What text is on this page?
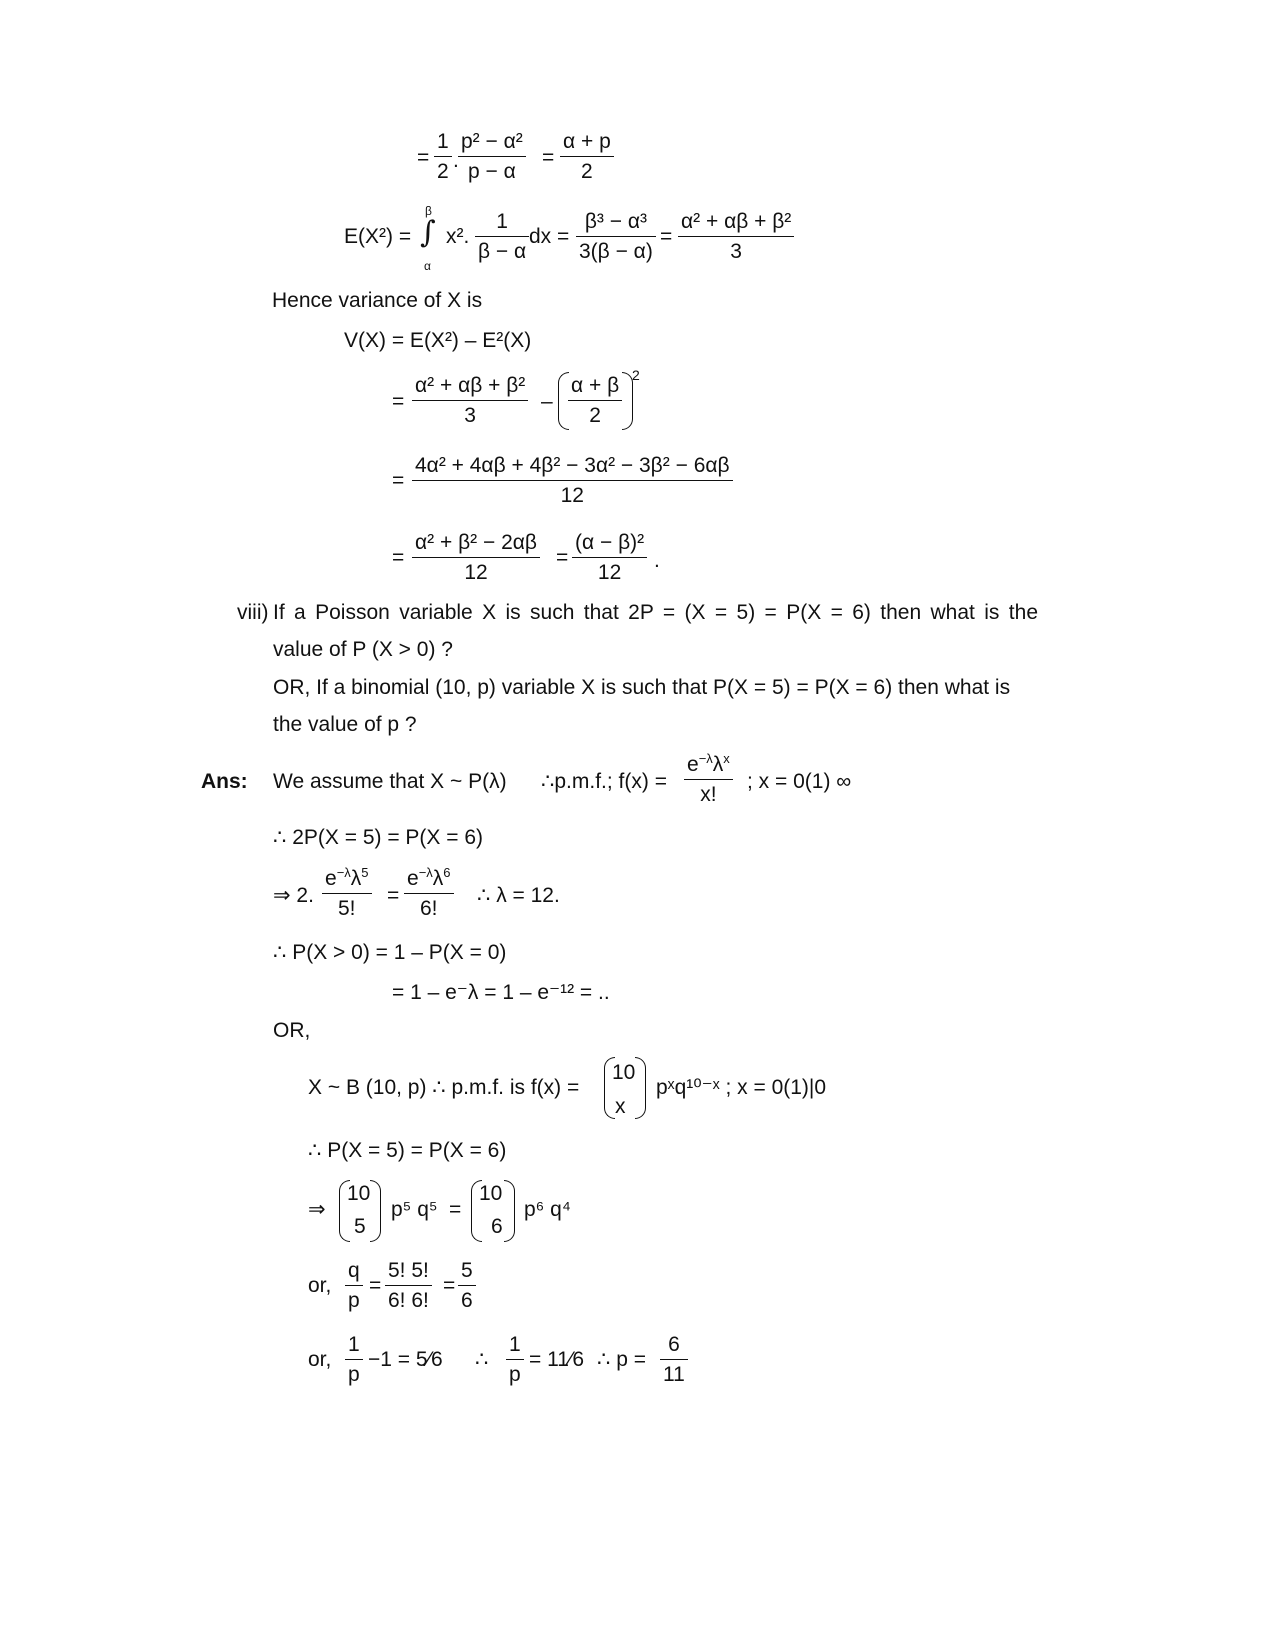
= $\frac{1}{2}$ . $\frac{\text{p² − α²}}{p - \alpha} = \frac{\alpha + p}{2}$
E(X²) =
β
∫
α
x². $\frac{1}{\beta - \alpha}$ dx = $\frac{\text{β³ − α³}}{3(\beta - \alpha)} = \frac{\text{α² + αβ + β²}}{3}$
Hence variance of X is
V(X) = E(X²) – E²(X)
= $\frac{\text{α² + αβ + β²}}{3} - \frac{\alpha + \beta}{2} 2$
= $\frac{\text{4α² + 4αβ + 4β² − 3α² − 3β² − 6αβ}}{12}$
= $\frac{\text{α² + β² − 2αβ}}{12} = \frac{\text{(α − β)²}}{12}$ .
viii) If a Poisson variable X is such that 2P = (X = 5) = P(X = 6) then what is the
value of P (X > 0) ?
OR, If a binomial (10, p) variable X is such that P(X = 5) = P(X = 6) then what is
the value of p ?
Ans: We assume that X ~ P(λ) ∴p.m.f.; f(x) =
$e^{-\lambda}\lambda^x$
x!
; x = 0(1) ∞
∴ 2P(X = 5) = P(X = 6)
⇒ 2. $\frac{e^{-\lambda}\lambda^5}{5!} = \frac{e^{-\lambda}\lambda^6}{6!}$ ∴ λ = 12.
∴ P(X > 0) = 1 – P(X = 0)
= 1 – e⁻λ = 1 – e⁻¹² = ..
OR,
X ~ B (10, p) ∴ p.m.f. is f(x) =
10
x
pˣq¹⁰⁻ˣ ; x = 0(1)|0
∴ P(X = 5) = P(X = 6)
⇒
10
5
p⁵ q⁵ =
10
6
p⁶ q⁴
or, $\frac{q}{p} = \frac{5! 5!}{6! 6!} = \frac{5}{6}$
or, $\frac{1}{p} -1$ = 5⁄6 ∴ $\frac{1}{p}$ = 11⁄6 ∴ $p = \frac{6}{11}$
